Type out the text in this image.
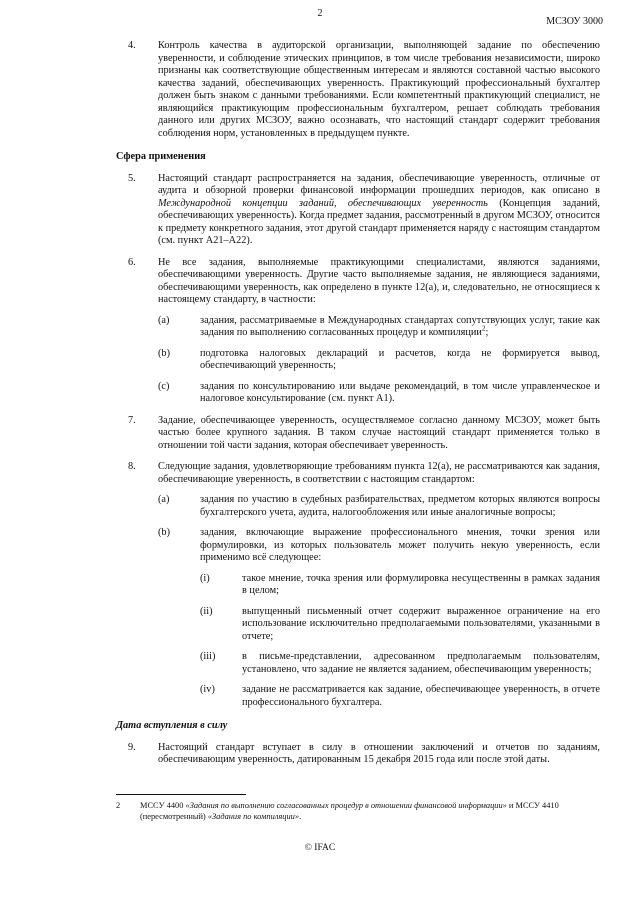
2
МСЗОУ 3000
4.	Контроль качества в аудиторской организации, выполняющей задание по обеспечению уверенности, и соблюдение этических принципов, в том числе требования независимости, широко признаны как соответствующие общественным интересам и являются составной частью высокого качества заданий, обеспечивающих уверенность. Практикующий профессиональный бухгалтер должен быть знаком с данными требованиями. Если компетентный практикующий специалист, не являющийся практикующим профессиональным бухгалтером, решает соблюдать требования данного или других МСЗОУ, важно осознавать, что настоящий стандарт содержит требования соблюдения норм, установленных в предыдущем пункте.
Сфера применения
5.	Настоящий стандарт распространяется на задания, обеспечивающие уверенность, отличные от аудита и обзорной проверки финансовой информации прошедших периодов, как описано в Международной концепции заданий, обеспечивающих уверенность (Концепция заданий, обеспечивающих уверенность). Когда предмет задания, рассмотренный в другом МСЗОУ, относится к предмету конкретного задания, этот другой стандарт применяется наряду с настоящим стандартом (см. пункт A21–A22).
6.	Не все задания, выполняемые практикующими специалистами, являются заданиями, обеспечивающими уверенность. Другие часто выполняемые задания, не являющиеся заданиями, обеспечивающими уверенность, как определено в пункте 12(a), и, следовательно, не относящиеся к настоящему стандарту, в частности:
(a)	задания, рассматриваемые в Международных стандартах сопутствующих услуг, такие как задания по выполнению согласованных процедур и компиляции$^2$;
(b)	подготовка налоговых деклараций и расчетов, когда не формируется вывод, обеспечивающий уверенность;
(c)	задания по консультированию или выдаче рекомендаций, в том числе управленческое и налоговое консультирование (см. пункт A1).
7.	Задание, обеспечивающее уверенность, осуществляемое согласно данному МСЗОУ, может быть частью более крупного задания. В таком случае настоящий стандарт применяется только в отношении той части задания, которая обеспечивает уверенность.
8.	Следующие задания, удовлетворяющие требованиям пункта 12(a), не рассматриваются как задания, обеспечивающие уверенность, в соответствии с настоящим стандартом:
(a)	задания по участию в судебных разбирательствах, предметом которых являются вопросы бухгалтерского учета, аудита, налогообложения или иные аналогичные вопросы;
(b)	задания, включающие выражение профессионального мнения, точки зрения или формулировки, из которых пользователь может получить некую уверенность, если применимо всё следующее:
(i)	такое мнение, точка зрения или формулировка несущественны в рамках задания в целом;
(ii)	выпущенный письменный отчет содержит выраженное ограничение на его использование исключительно предполагаемыми пользователями, указанными в отчете;
(iii)	в письме-представлении, адресованном предполагаемым пользователям, установлено, что задание не является заданием, обеспечивающим уверенность;
(iv)	задание не рассматривается как задание, обеспечивающее уверенность, в отчете профессионального бухгалтера.
Дата вступления в силу
9.	Настоящий стандарт вступает в силу в отношении заключений и отчетов по заданиям, обеспечивающим уверенность, датированным 15 декабря 2015 года или после этой даты.
2 МСCУ 4400 «Задания по выполнению согласованных процедур в отношении финансовой информации» и МССУ 4410 (пересмотренный) «Задания по компиляции».
© IFAC
